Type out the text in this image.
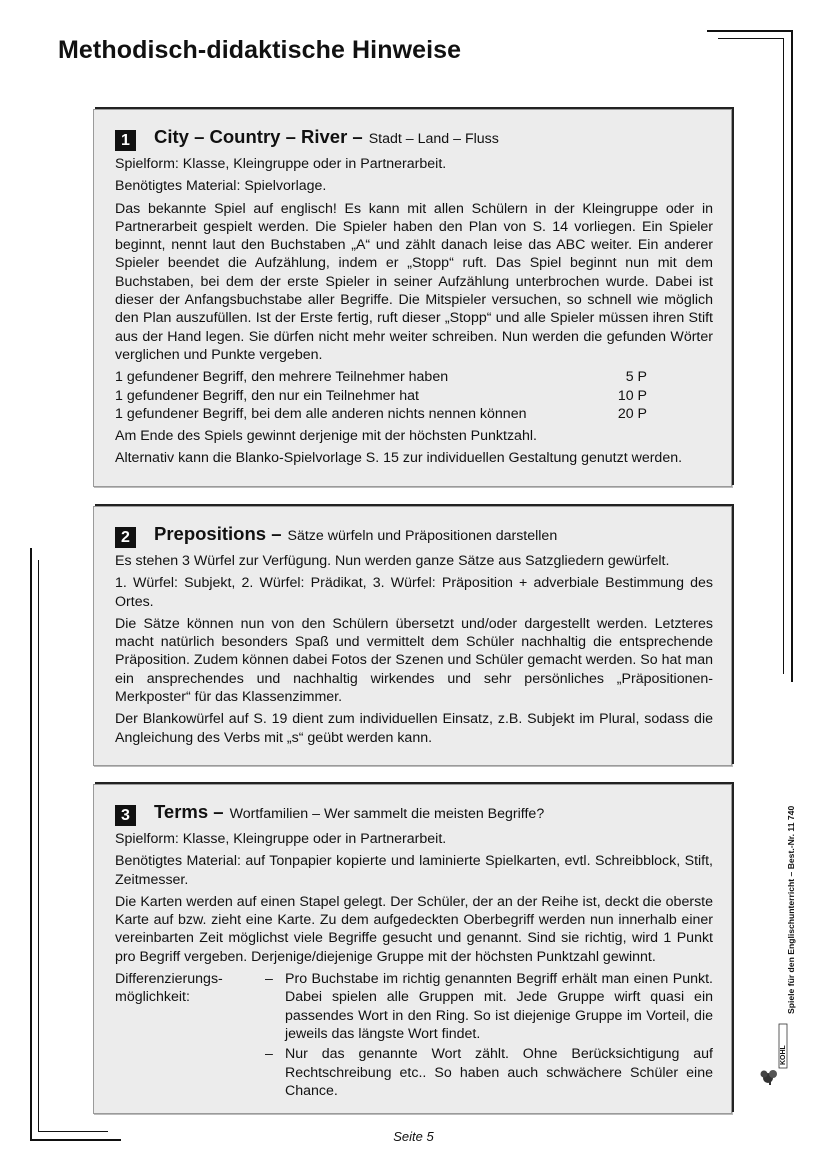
Methodisch-didaktische Hinweise
1	City – Country – River – Stadt – Land – Fluss

Spielform: Klasse, Kleingruppe oder in Partnerarbeit.

Benötigtes Material: Spielvorlage.

Das bekannte Spiel auf englisch! Es kann mit allen Schülern in der Kleingruppe oder in Partnerarbeit gespielt werden. Die Spieler haben den Plan von S. 14 vorliegen. Ein Spieler beginnt, nennt laut den Buchstaben „A“ und zählt danach leise das ABC weiter. Ein anderer Spieler beendet die Aufzählung, indem er „Stopp“ ruft. Das Spiel beginnt nun mit dem Buchstaben, bei dem der erste Spieler in seiner Aufzählung unterbrochen wurde. Dabei ist dieser der Anfangsbuchstabe aller Begriffe. Die Mitspieler versuchen, so schnell wie möglich den Plan auszufüllen. Ist der Erste fertig, ruft dieser „Stopp“ und alle Spieler müssen ihren Stift aus der Hand legen. Sie dürfen nicht mehr weiter schreiben. Nun werden die gefunden Wörter verglichen und Punkte vergeben.

1 gefundener Begriff, den mehrere Teilnehmer haben	5 P
1 gefundener Begriff, den nur ein Teilnehmer hat	10 P
1 gefundener Begriff, bei dem alle anderen nichts nennen können	20 P

Am Ende des Spiels gewinnt derjenige mit der höchsten Punktzahl.

Alternativ kann die Blanko-Spielvorlage S. 15 zur individuellen Gestaltung genutzt werden.

2	Prepositions – Sätze würfeln und Präpositionen darstellen

Es stehen 3 Würfel zur Verfügung. Nun werden ganze Sätze aus Satzgliedern gewürfelt.

1. Würfel: Subjekt, 2. Würfel: Prädikat, 3. Würfel: Präposition + adverbiale Bestimmung des Ortes.

Die Sätze können nun von den Schülern übersetzt und/oder dargestellt werden. Letzteres macht natürlich besonders Spaß und vermittelt dem Schüler nachhaltig die entsprechende Präposition. Zudem können dabei Fotos der Szenen und Schüler gemacht werden. So hat man ein ansprechendes und nachhaltig wirkendes und sehr persönliches „Präpositionen-Merkposter“ für das Klassenzimmer.

Der Blankowürfel auf S. 19 dient zum individuellen Einsatz, z.B. Subjekt im Plural, sodass die Angleichung des Verbs mit „s“ geübt werden kann.

3	Terms – Wortfamilien – Wer sammelt die meisten Begriffe?

Spielform: Klasse, Kleingruppe oder in Partnerarbeit.

Benötigtes Material: auf Tonpapier kopierte und laminierte Spielkarten, evtl. Schreibblock, Stift, Zeitmesser.

Die Karten werden auf einen Stapel gelegt. Der Schüler, der an der Reihe ist, deckt die oberste Karte auf bzw. zieht eine Karte. Zu dem aufgedeckten Oberbegriff werden nun innerhalb einer vereinbarten Zeit möglichst viele Begriffe gesucht und genannt. Sind sie richtig, wird 1 Punkt pro Begriff vergeben. Derjenige/diejenige Gruppe mit der höchsten Punktzahl gewinnt.

Differenzierungs-möglichkeit:
– Pro Buchstabe im richtig genannten Begriff erhält man einen Punkt. Dabei spielen alle Gruppen mit. Jede Gruppe wirft quasi ein passendes Wort in den Ring. So ist diejenige Gruppe im Vorteil, die jeweils das längste Wort findet.
– Nur das genannte Wort zählt. Ohne Berücksichtigung auf Rechtschreibung etc.. So haben auch schwächere Schüler eine Chance.
Spiele für den Englischunterricht – Best.-Nr. 11 740
KOHL
Seite 5
